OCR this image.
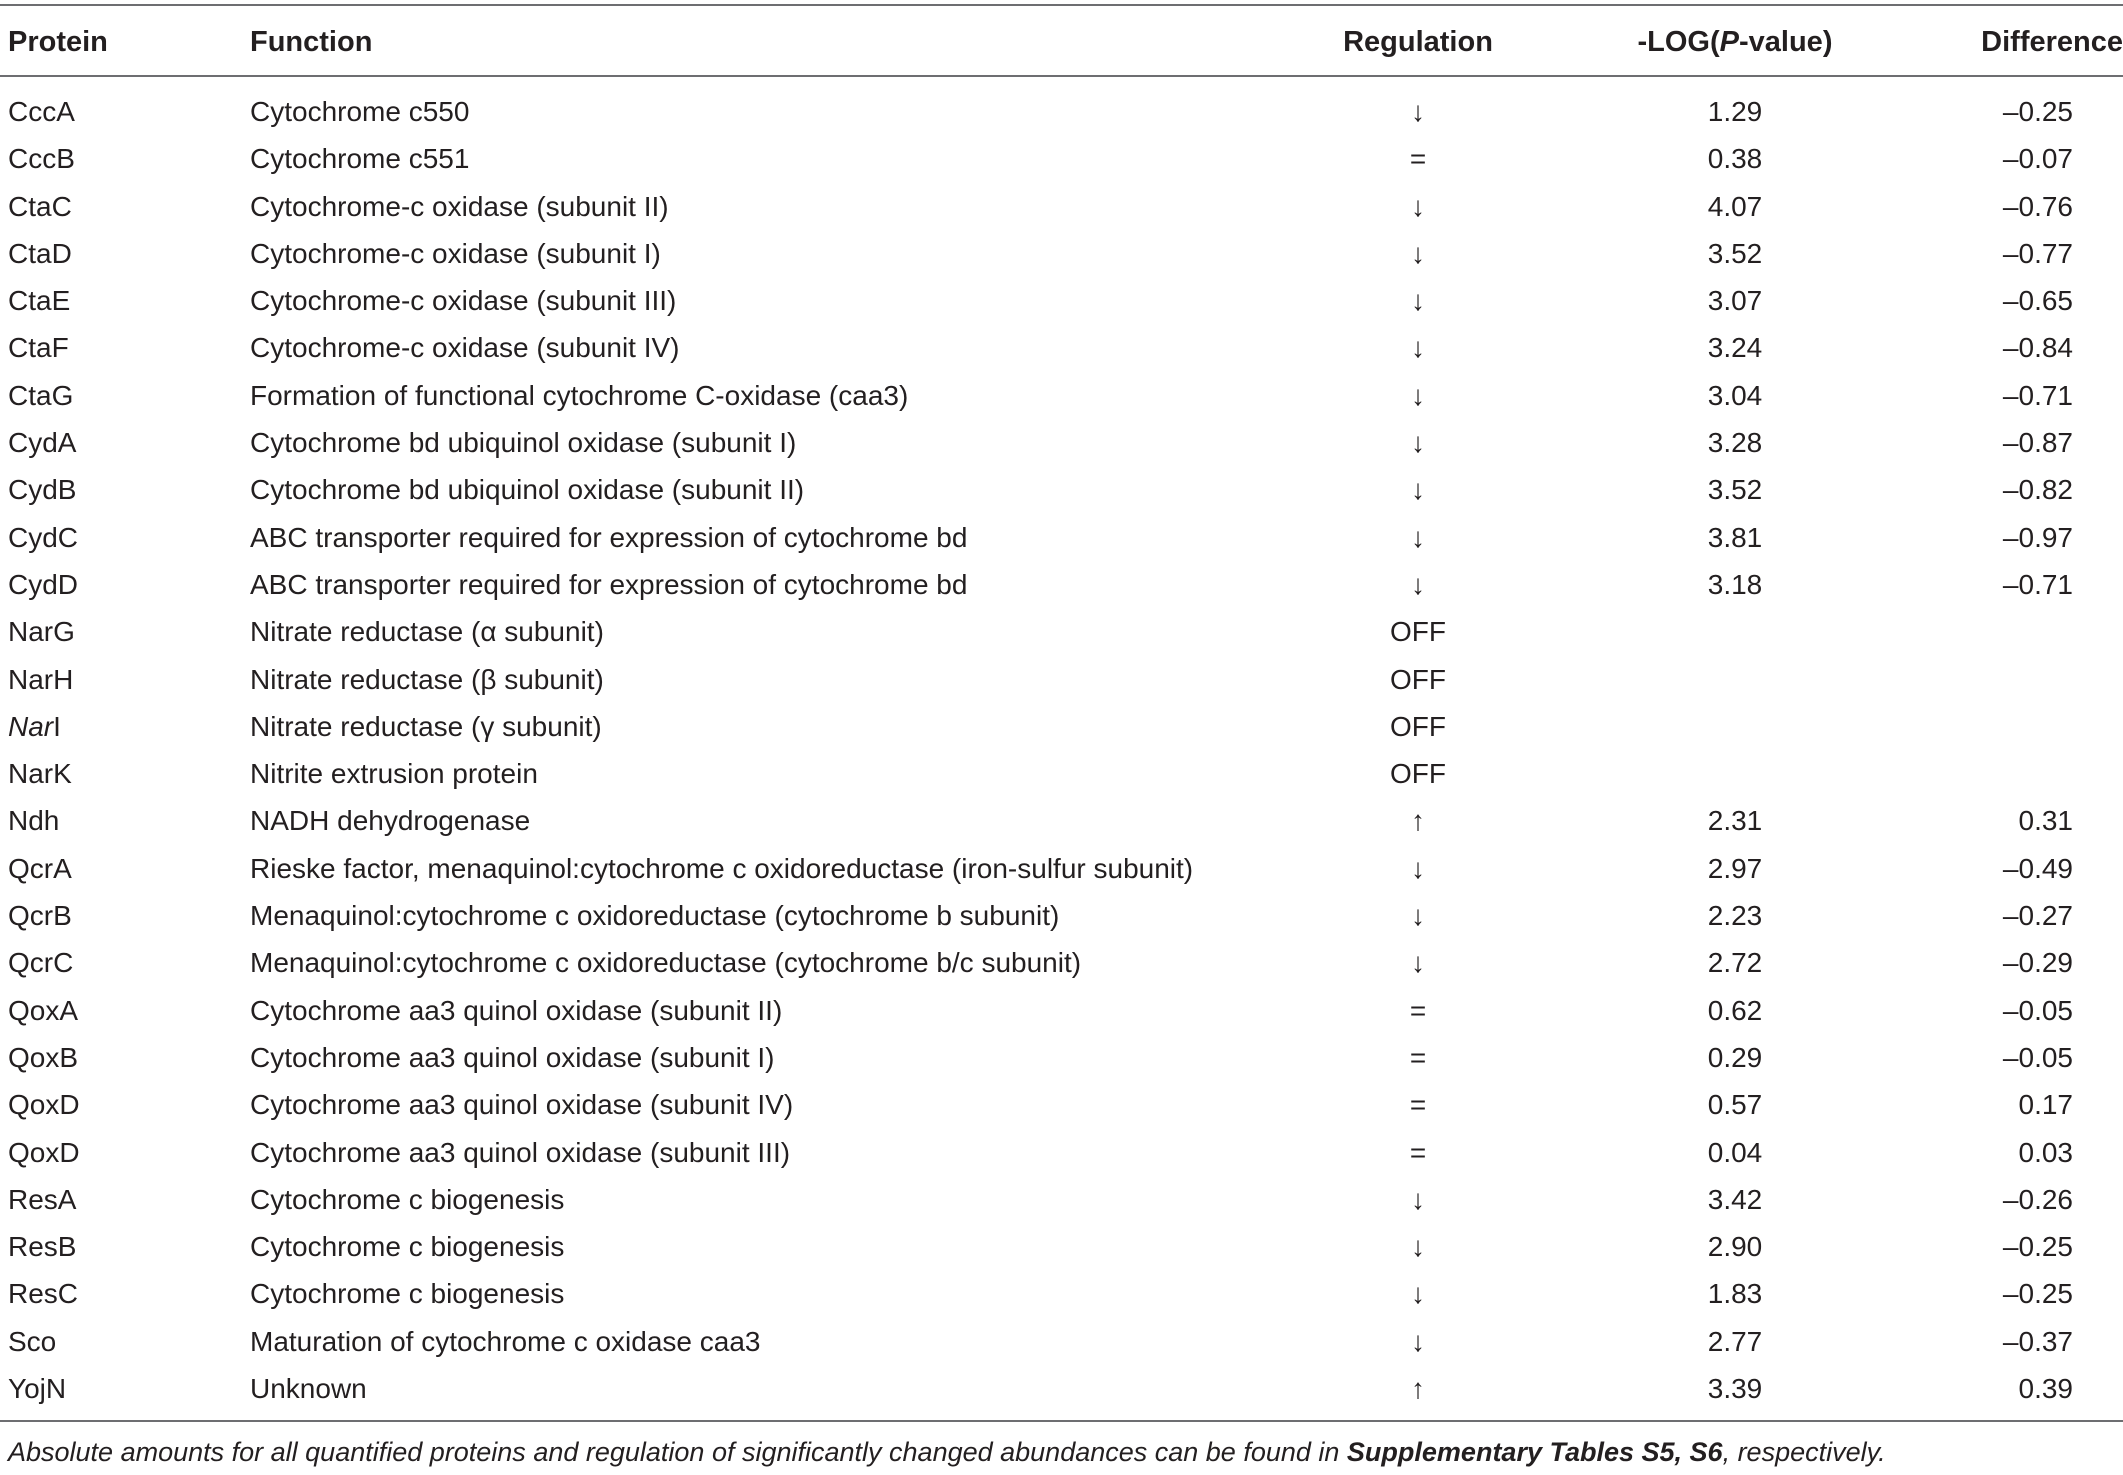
Protein	Function	Regulation	-LOG(P-value)	Difference
CccA	Cytochrome c550	↓	1.29	–0.25
CccB	Cytochrome c551	=	0.38	–0.07
CtaC	Cytochrome-c oxidase (subunit II)	↓	4.07	–0.76
CtaD	Cytochrome-c oxidase (subunit I)	↓	3.52	–0.77
CtaE	Cytochrome-c oxidase (subunit III)	↓	3.07	–0.65
CtaF	Cytochrome-c oxidase (subunit IV)	↓	3.24	–0.84
CtaG	Formation of functional cytochrome C-oxidase (caa3)	↓	3.04	–0.71
CydA	Cytochrome bd ubiquinol oxidase (subunit I)	↓	3.28	–0.87
CydB	Cytochrome bd ubiquinol oxidase (subunit II)	↓	3.52	–0.82
CydC	ABC transporter required for expression of cytochrome bd	↓	3.81	–0.97
CydD	ABC transporter required for expression of cytochrome bd	↓	3.18	–0.71
NarG	Nitrate reductase (α subunit)	OFF
NarH	Nitrate reductase (β subunit)	OFF
NarI	Nitrate reductase (γ subunit)	OFF
NarK	Nitrite extrusion protein	OFF
Ndh	NADH dehydrogenase	↑	2.31	0.31
QcrA	Rieske factor, menaquinol:cytochrome c oxidoreductase (iron-sulfur subunit)	↓	2.97	–0.49
QcrB	Menaquinol:cytochrome c oxidoreductase (cytochrome b subunit)	↓	2.23	–0.27
QcrC	Menaquinol:cytochrome c oxidoreductase (cytochrome b/c subunit)	↓	2.72	–0.29
QoxA	Cytochrome aa3 quinol oxidase (subunit II)	=	0.62	–0.05
QoxB	Cytochrome aa3 quinol oxidase (subunit I)	=	0.29	–0.05
QoxD	Cytochrome aa3 quinol oxidase (subunit IV)	=	0.57	0.17
QoxD	Cytochrome aa3 quinol oxidase (subunit III)	=	0.04	0.03
ResA	Cytochrome c biogenesis	↓	3.42	–0.26
ResB	Cytochrome c biogenesis	↓	2.90	–0.25
ResC	Cytochrome c biogenesis	↓	1.83	–0.25
Sco	Maturation of cytochrome c oxidase caa3	↓	2.77	–0.37
YojN	Unknown	↑	3.39	0.39
Absolute amounts for all quantified proteins and regulation of significantly changed abundances can be found in Supplementary Tables S5, S6, respectively.
